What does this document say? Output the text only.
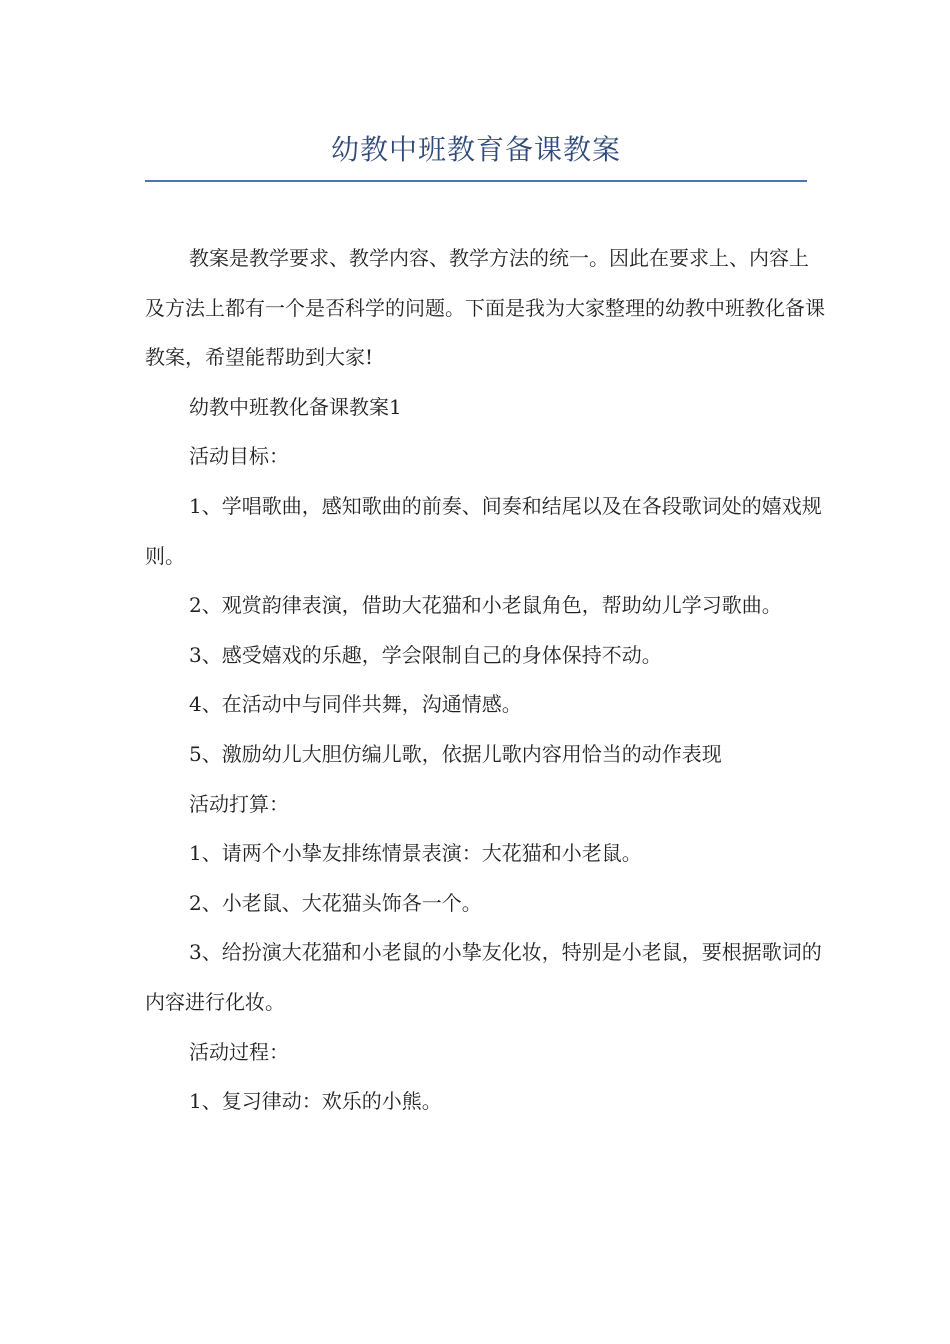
幼教中班教育备课教案

教案是教学要求、教学内容、教学方法的统一。因此在要求上、内容上及方法上都有一个是否科学的问题。下面是我为大家整理的幼教中班教化备课教案，希望能帮助到大家!

幼教中班教化备课教案1

活动目标：

1、学唱歌曲，感知歌曲的前奏、间奏和结尾以及在各段歌词处的嬉戏规则。

2、观赏韵律表演，借助大花猫和小老鼠角色，帮助幼儿学习歌曲。

3、感受嬉戏的乐趣，学会限制自己的身体保持不动。

4、在活动中与同伴共舞，沟通情感。

5、激励幼儿大胆仿编儿歌，依据儿歌内容用恰当的动作表现

活动打算：

1、请两个小挚友排练情景表演：大花猫和小老鼠。

2、小老鼠、大花猫头饰各一个。

3、给扮演大花猫和小老鼠的小挚友化妆，特别是小老鼠，要根据歌词的内容进行化妆。

活动过程：

1、复习律动：欢乐的小熊。
